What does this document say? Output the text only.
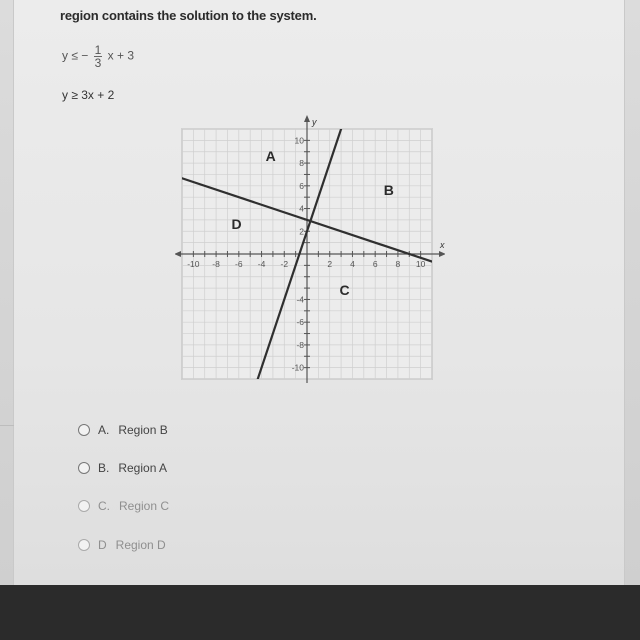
region contains the solution to the system.
y ≤ − $\frac{1}{3}$ x + 3
y ≥ 3x + 2
-10 -8 -6 -4 -2	2 4 6 8 10
10
8
6
4
2
-4
-6
-8
-10
x
y
A
B
C
D
A. Region B
B. Region A
C. Region C
D Region D
